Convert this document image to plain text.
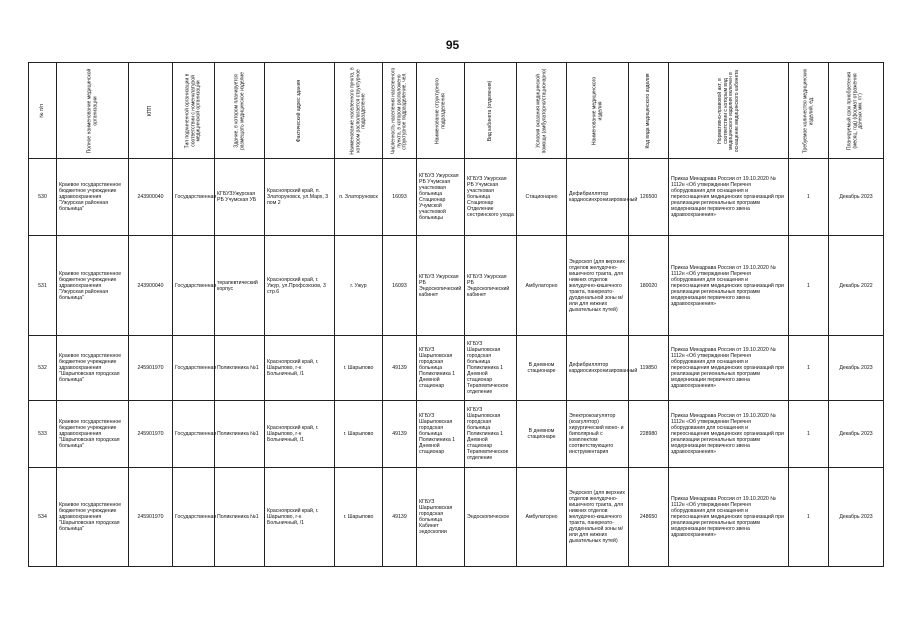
95
№ п/п	Полное наименование медицинской организации	КПП	Тип подчиненной организации в соответствии с номенклатурой медицинской организации	Здание, в котором планируется размещать медицинское изделие	Фактический адрес здания	Наименование населенного пункта, в котором располагается структурное подразделение	Численность населения населенного пункта, в котором расположено структурное подразделение, чел.	Наименование структурного подразделения	Вид кабинета (отделения)	Условия оказания медицинской помощи (амбулаторно/стационарно)	Наименование медицинского изделия	Код вида медицинского изделия	Нормативно-правовой акт, в соответствии с которым вид медицинского изделия включен в оснащение медицинского кабинета	Требуемое количество медицинских изделий, ед.	Планируемый срок приобретения (месяц, год) (формат отражения данных мм. ггг)

530	Краевое государственное бюджетное учреждение здравоохранения "Ужурская районная больница"	243900040	Государственная	КГБУЗУжурская РБ Учумская УБ	Красноярский край, п. Златоруновск, ул.Марх, 3 пом 2	п. Златоруновск	16093	КГБУЗ Ужурская РБ Учумская участковая больница Стационар Учумской участковой больницы	КГБУЗ Ужурская РБ Учумская участковая больница Стационар Отделение сестринского ухода	Стационарно	Дефибриллятор кардиосинхронизированный	126500	Приказ Минздрава России от 19.10.2020 № 1112н «Об утверждении Перечня оборудования для оснащения и переоснащения медицинских организаций при реализации региональных программ модернизации первичного звена здравоохранения»	1	Декабрь 2023
531	Краевое государственное бюджетное учреждение здравоохранения "Ужурская районная больница"	243900040	Государственная	терапевтический корпус	Красноярский край, г. Ужур, ул.Профсоюзов, 3 стр.6	г. Ужур	16093	КГБУЗ Ужурская РБ Эндоскопический кабинет	КГБУЗ Ужурская РБ Эндоскопический кабинет	Амбулаторно	Эндоскоп (для верхних отделов желудочно-кишечного тракта, для нижних отделов желудочно-кишечного тракта, панкреато-дуоденальной зоны м/или для нижних дыхательных путей)	180020	Приказ Минздрава России от 19.10.2020 № 1112н «Об утверждении Перечня оборудования для оснащения и переоснащения медицинских организаций при реализации региональных программ модернизации первичного звена здравоохранения»	1	Декабрь 2022
532	Краевое государственное бюджетное учреждение здравоохранения "Шарыповская городская больница"	245901970	Государственная	Поликлиника №1	Красноярский край, г. Шарыпово, г-к Больничный, /1	г. Шарыпово	49139	КГБУЗ Шарыповская городская больница Поликлиника 1 Дневной стационар	КГБУЗ Шарыповская городская больница Поликлиника 1 Дневной стационар Терапевтическое отделение	В дневном стационаре	Дефибриллятор кардиосинхронизированный	119850	Приказ Минздрава России от 19.10.2020 № 1112н «Об утверждении Перечня оборудования для оснащения и переоснащения медицинских организаций при реализации региональных программ модернизации первичного звена здравоохранения»	1	Декабрь 2023
533	Краевое государственное бюджетное учреждение здравоохранения "Шарыповская городская больница"	245901970	Государственная	Поликлиника №1	Красноярский край, г. Шарыпово, г-к Больничный, /1	г. Шарыпово	49139	КГБУЗ Шарыповская городская больница Поликлиника 1 Дневной стационар	КГБУЗ Шарыповская городская больница Поликлиника 1 Дневной стационар Терапевтическое отделение	В дневном стационаре	Электрокоагулятор (коагулятор) хирургический моно- и биполярный с комплектом соответствующего инструментария	228980	Приказ Минздрава России от 19.10.2020 № 1112н «Об утверждении Перечня оборудования для оснащения и переоснащения медицинских организаций при реализации региональных программ модернизации первичного звена здравоохранения»	1	Декабрь 2023
534	Краевое государственное бюджетное учреждение здравоохранения "Шарыповская городская больница"	245901970	Государственная	Поликлиника №1	Красноярский край, г. Шарыпово, г-к Больничный, /1	г. Шарыпово	49139	КГБУЗ Шарыповская городская больница Кабинет эндоскопии	Эндоскопическое	Амбулаторно	Эндоскоп (для верхних отделов желудочно-кишечного тракта, для нижних отделов желудочно-кишечного тракта, панкреато-дуоденальной зоны м/или для нижних дыхательных путей)	248650	Приказ Минздрава России от 19.10.2020 № 1112н «Об утверждении Перечня оборудования для оснащения и переоснащения медицинских организаций при реализации региональных программ модернизации первичного звена здравоохранения»	1	Декабрь 2023
